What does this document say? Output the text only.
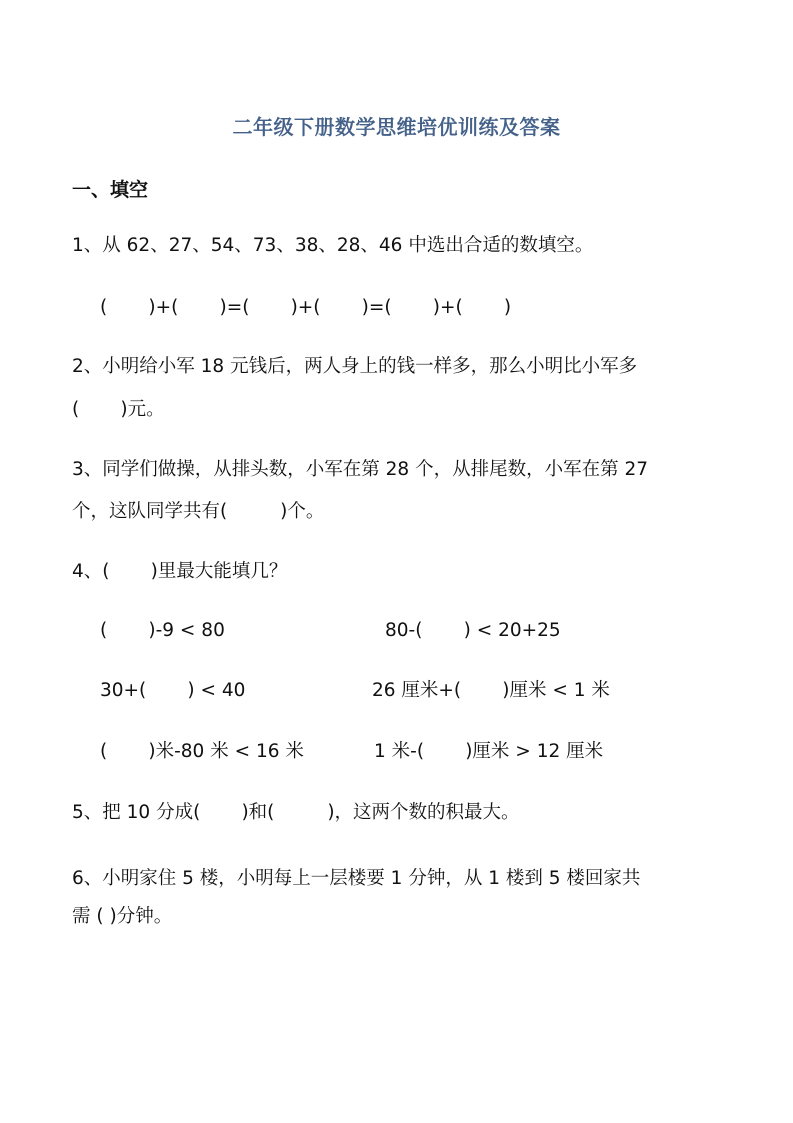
二年级下册数学思维培优训练及答案
一、填空
1、从 62、27、54、73、38、28、46 中选出合适的数填空。
(       )+(       )=(       )+(       )=(       )+(       )
2、小明给小军 18 元钱后，两人身上的钱一样多，那么小明比小军多
(       )元。
3、同学们做操，从排头数，小军在第 28 个，从排尾数，小军在第 27
个，这队同学共有(         )个。
4、(       )里最大能填几？
(       )-9 < 80	80-(       ) < 20+25
30+(       ) < 40	26 厘米+(       )厘米 < 1 米
(       )米-80 米 < 16 米	1 米-(       )厘米 > 12 厘米
5、把 10 分成(       )和(         )，这两个数的积最大。
6、小明家住 5 楼，小明每上一层楼要 1 分钟，从 1 楼到 5 楼回家共
需 ( )分钟。
